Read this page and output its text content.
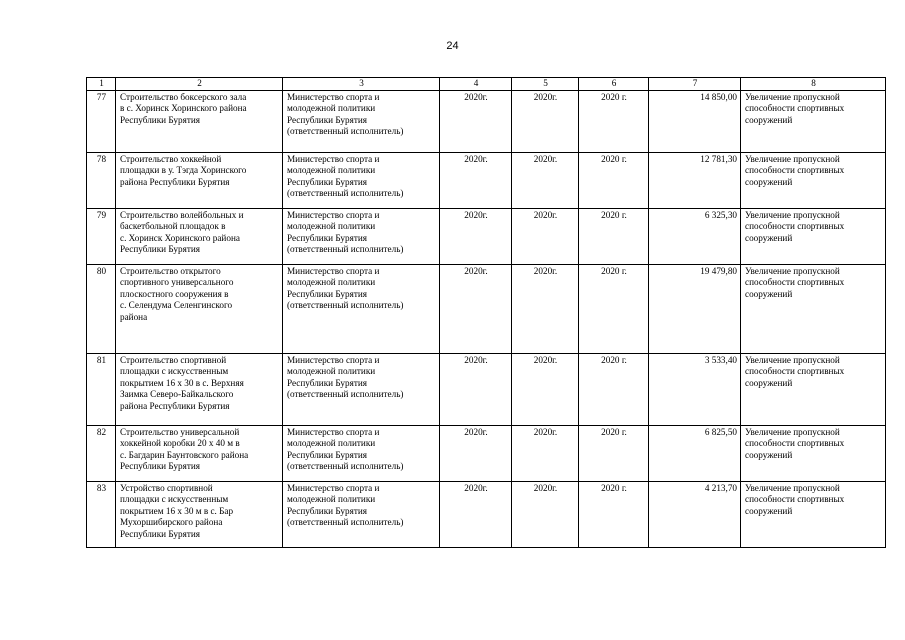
24
1	2	3	4	5	6	7	8
77	Строительство боксерского зала
в с. Хоринск Хоринского района
Республики Бурятия	Министерство спорта и
молодежной политики
Республики Бурятия
(ответственный исполнитель)	2020г.	2020г.	2020 г.	14 850,00	Увеличение пропускной
способности спортивных
сооружений
78	Строительство хоккейной
площадки в у. Тэгда Хоринского
района Республики Бурятия	Министерство спорта и
молодежной политики
Республики Бурятия
(ответственный исполнитель)	2020г.	2020г.	2020 г.	12 781,30	Увеличение пропускной
способности спортивных
сооружений
79	Строительство волейбольных и
баскетбольной площадок в
с. Хоринск Хоринского района
Республики Бурятия	Министерство спорта и
молодежной политики
Республики Бурятия
(ответственный исполнитель)	2020г.	2020г.	2020 г.	6 325,30	Увеличение пропускной
способности спортивных
сооружений
80	Строительство открытого
спортивного универсального
плоскостного сооружения в
с. Селендума Селенгинского
района	Министерство спорта и
молодежной политики
Республики Бурятия
(ответственный исполнитель)	2020г.	2020г.	2020 г.	19 479,80	Увеличение пропускной
способности спортивных
сооружений
81	Строительство спортивной
площадки с искусственным
покрытием 16 х 30 в с. Верхняя
Заимка Северо-Байкальского
района Республики Бурятия	Министерство спорта и
молодежной политики
Республики Бурятия
(ответственный исполнитель)	2020г.	2020г.	2020 г.	3 533,40	Увеличение пропускной
способности спортивных
сооружений
82	Строительство универсальной
хоккейной коробки 20 х 40 м в
с. Багдарин Баунтовского района
Республики Бурятия	Министерство спорта и
молодежной политики
Республики Бурятия
(ответственный исполнитель)	2020г.	2020г.	2020 г.	6 825,50	Увеличение пропускной
способности спортивных
сооружений
83	Устройство спортивной
площадки с искусственным
покрытием 16 х 30 м в с. Бар
Мухоршибирского района
Республики Бурятия	Министерство спорта и
молодежной политики
Республики Бурятия
(ответственный исполнитель)	2020г.	2020г.	2020 г.	4 213,70	Увеличение пропускной
способности спортивных
сооружений
